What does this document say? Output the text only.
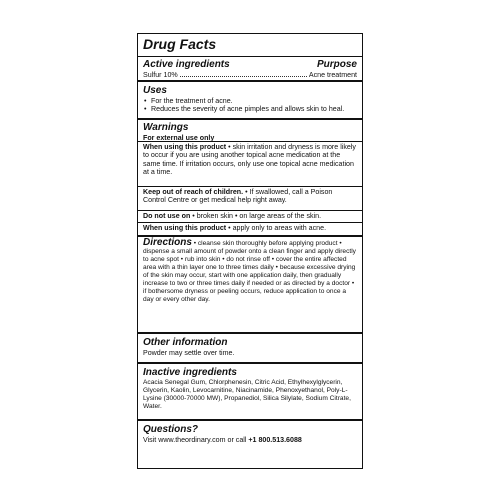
Drug Facts
Active ingredients	Purpose
Sulfur 10%	Acne treatment
Uses
• For the treatment of acne.
• Reduces the severity of acne pimples and allows skin to heal.
Warnings
For external use only
When using this product • skin irritation and dryness is more likely to occur if you are using another topical acne medication at the same time. If irritation occurs, only use one topical acne medication at a time.
Keep out of reach of children. • If swallowed, call a Poison Control Centre or get medical help right away.
Do not use on • broken skin • on large areas of the skin.
When using this product • apply only to areas with acne.
Directions • cleanse skin thoroughly before applying product • dispense a small amount of powder onto a clean finger and apply directly to acne spot • rub into skin • do not rinse off • cover the entire affected area with a thin layer one to three times daily • because excessive drying of the skin may occur, start with one application daily, then gradually increase to two or three times daily if needed or as directed by a doctor • if bothersome dryness or peeling occurs, reduce application to once a day or every other day.
Other information
Powder may settle over time.
Inactive ingredients
Acacia Senegal Gum, Chlorphenesin, Citric Acid, Ethylhexylglycerin, Glycerin, Kaolin, Levocarnitine, Niacinamide, Phenoxyethanol, Poly-L-Lysine (30000-70000 MW), Propanediol, Silica Silylate, Sodium Citrate, Water.
Questions?
Visit www.theordinary.com or call +1 800.513.6088
